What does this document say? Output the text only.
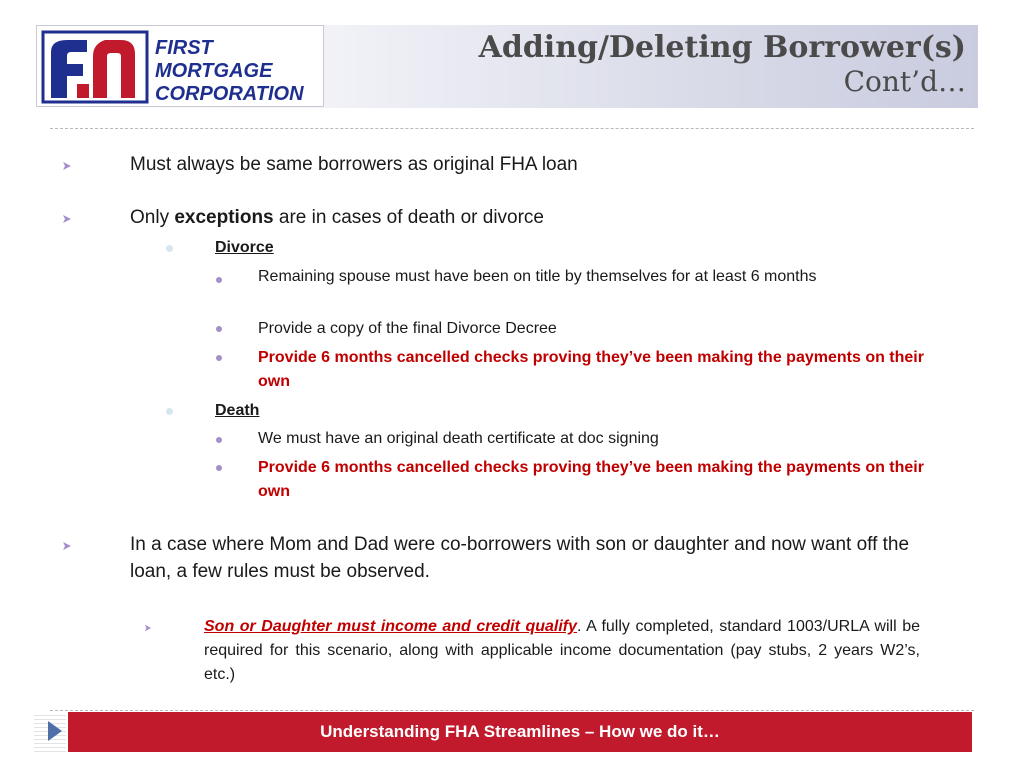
f1
FIRST
MORTGAGE
CORPORATION
Adding/Deleting Borrower(s)
Cont’d…

Must always be same borrowers as original FHA loan

Only exceptions are in cases of death or divorce

Divorce

Remaining spouse must have been on title by themselves for at least 6 months

Provide a copy of the final Divorce Decree

Provide 6 months cancelled checks proving they’ve been making the payments on their own

Death

We must have an original death certificate at doc signing

Provide 6 months cancelled checks proving they’ve been making the payments on their own

In a case where Mom and Dad were co-borrowers with son or daughter and now want off the loan, a few rules must be observed.

Son or Daughter must income and credit qualify. A fully completed, standard 1003/URLA will be required for this scenario, along with applicable income documentation (pay stubs, 2 years W2’s, etc.)

Understanding FHA Streamlines – How we do it…
